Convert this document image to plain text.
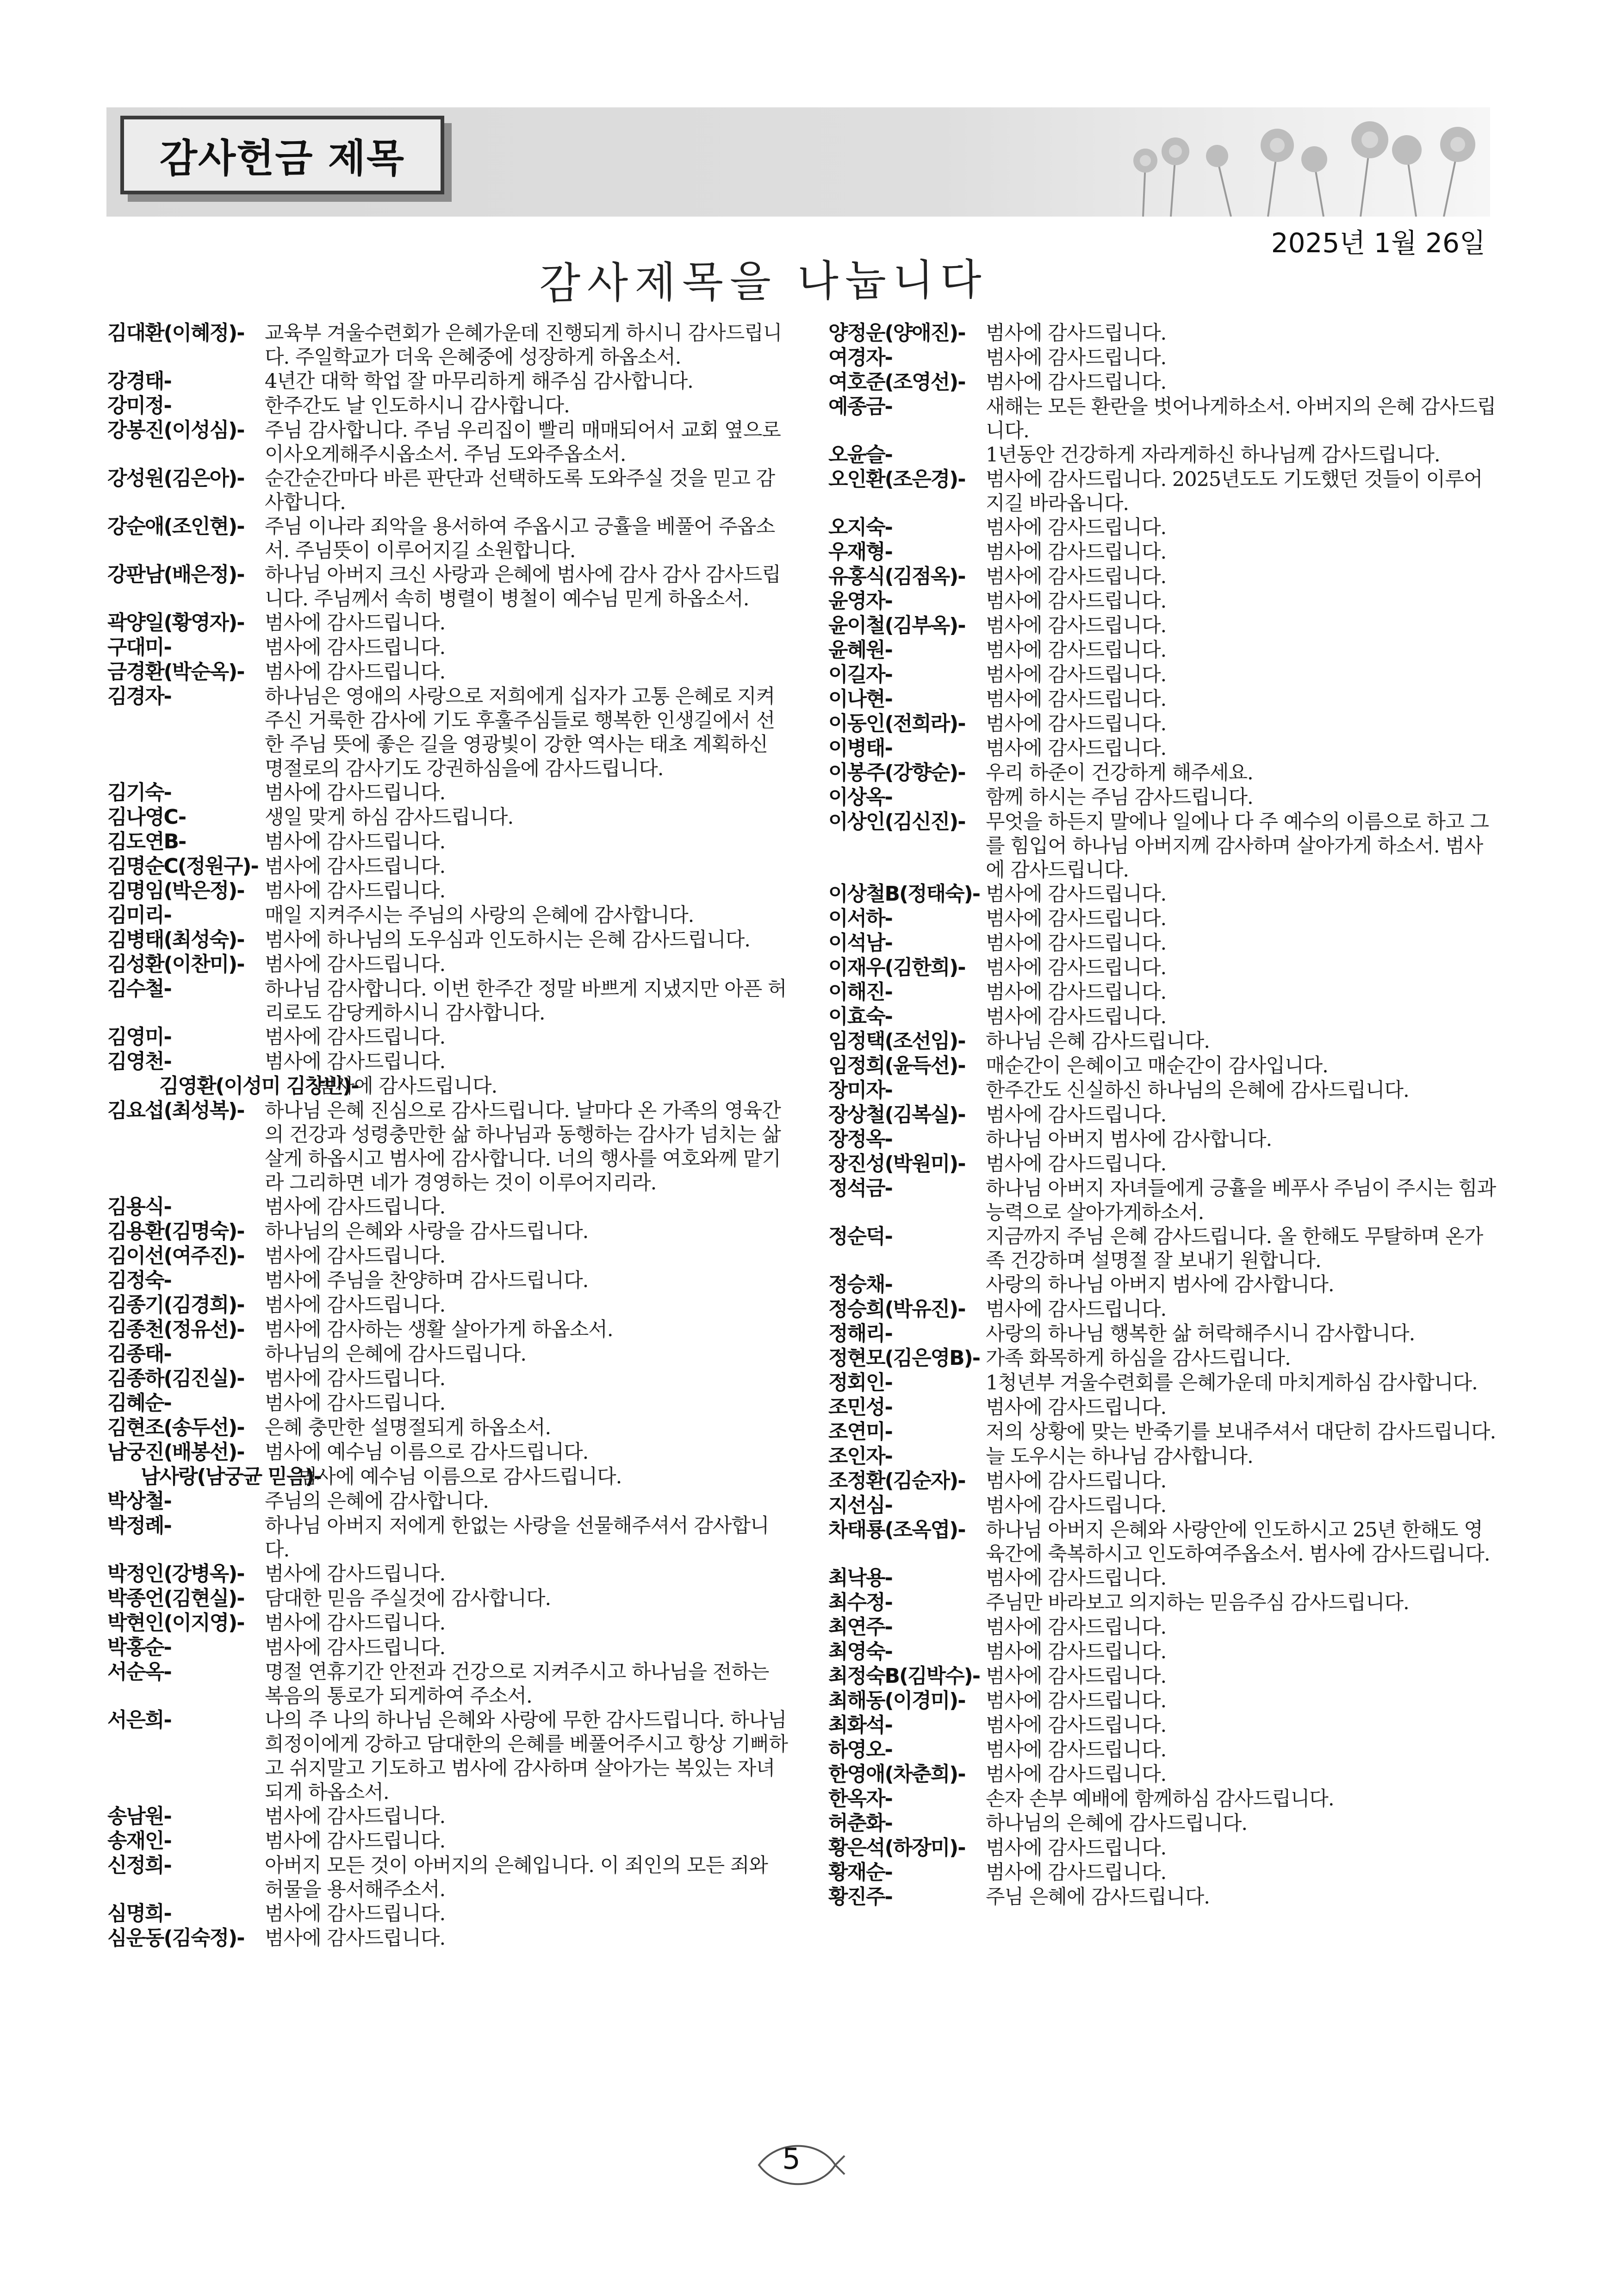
감사헌금 제목
2025년 1월 26일
감사제목을 나눕니다
김대환(이혜정)- 교육부 겨울수련회가 은혜가운데 진행되게 하시니 감사드립니다. 주일학교가 더욱 은혜중에 성장하게 하옵소서.
강경태-	4년간 대학 학업 잘 마무리하게 해주심 감사합니다.
강미정-	한주간도 날 인도하시니 감사합니다.
강봉진(이성심)- 주님 감사합니다. 주님 우리집이 빨리 매매되어서 교회 옆으로 이사오게해주시옵소서. 주님 도와주옵소서.
강성원(김은아)- 순간순간마다 바른 판단과 선택하도록 도와주실 것을 믿고 감사합니다.
강순애(조인현)- 주님 이나라 죄악을 용서하여 주옵시고 긍휼을 베풀어 주옵소서. 주님뜻이 이루어지길 소원합니다.
강판남(배은정)- 하나님 아버지 크신 사랑과 은혜에 범사에 감사 감사 감사드립니다. 주님께서 속히 병렬이 병철이 예수님 믿게 하옵소서.
곽양일(황영자)- 범사에 감사드립니다.
구대미-	범사에 감사드립니다.
금경환(박순옥)- 범사에 감사드립니다.
김경자-	하나님은 영애의 사랑으로 저희에게 십자가 고통 은혜로 지켜 주신 거룩한 감사에 기도 후훌주심들로 행복한 인생길에서 선한 주님 뜻에 좋은 길을 영광빛이 강한 역사는 태초 계획하신 명절로의 감사기도 강권하심을에 감사드립니다.
김기숙-	범사에 감사드립니다.
김나영C-	생일 맞게 하심 감사드립니다.
김도연B-	범사에 감사드립니다.
김명순C(정원구)- 범사에 감사드립니다.
김명임(박은정)- 범사에 감사드립니다.
김미리-	매일 지켜주시는 주님의 사랑의 은혜에 감사합니다.
김병태(최성숙)- 범사에 하나님의 도우심과 인도하시는 은혜 감사드립니다.
김성환(이찬미)- 범사에 감사드립니다.
김수철-	하나님 감사합니다. 이번 한주간 정말 바쁘게 지냈지만 아픈 허리로도 감당케하시니 감사합니다.
김영미-	범사에 감사드립니다.
김영천-	범사에 감사드립니다.
김영환(이성미 김창빈)-
범사에 감사드립니다.
김요섭(최성복)- 하나님 은혜 진심으로 감사드립니다. 날마다 온 가족의 영육간의 건강과 성령충만한 삶 하나님과 동행하는 감사가 넘치는 삶 살게 하옵시고 범사에 감사합니다. 너의 행사를 여호와께 맡기라 그리하면 네가 경영하는 것이 이루어지리라.
김용식-	범사에 감사드립니다.
김용환(김명숙)- 하나님의 은혜와 사랑을 감사드립니다.
김이선(여주진)- 범사에 감사드립니다.
김정숙-	범사에 주님을 찬양하며 감사드립니다.
김종기(김경희)- 범사에 감사드립니다.
김종천(정유선)- 범사에 감사하는 생활 살아가게 하옵소서.
김종태-	하나님의 은혜에 감사드립니다.
김종하(김진실)- 범사에 감사드립니다.
김혜순-	범사에 감사드립니다.
김현조(송두선)- 은혜 충만한 설명절되게 하옵소서.
남궁진(배봉선)- 범사에 예수님 이름으로 감사드립니다.
남사랑(남궁균 믿음)-
범사에 예수님 이름으로 감사드립니다.
박상철-	주님의 은혜에 감사합니다.
박정례-	하나님 아버지 저에게 한없는 사랑을 선물해주셔서 감사합니다.
박정인(강병옥)- 범사에 감사드립니다.
박종언(김현실)- 담대한 믿음 주실것에 감사합니다.
박현인(이지영)- 범사에 감사드립니다.
박홍순-	범사에 감사드립니다.
서순옥-	명절 연휴기간 안전과 건강으로 지켜주시고 하나님을 전하는 복음의 통로가 되게하여 주소서.
서은희-	나의 주 나의 하나님 은혜와 사랑에 무한 감사드립니다. 하나님 희정이에게 강하고 담대한의 은혜를 베풀어주시고 항상 기뻐하고 쉬지말고 기도하고 범사에 감사하며 살아가는 복있는 자녀되게 하옵소서.
송남원-	범사에 감사드립니다.
송재인-	범사에 감사드립니다.
신정희-	아버지 모든 것이 아버지의 은혜입니다. 이 죄인의 모든 죄와 허물을 용서해주소서.
심명희-	범사에 감사드립니다.
심운동(김숙정)- 범사에 감사드립니다.
양정운(양애진)- 범사에 감사드립니다.
여경자-	범사에 감사드립니다.
여호준(조영선)- 범사에 감사드립니다.
예종금-	새해는 모든 환란을 벗어나게하소서. 아버지의 은혜 감사드립니다.
오윤슬-	1년동안 건강하게 자라게하신 하나님께 감사드립니다.
오인환(조은경)- 범사에 감사드립니다. 2025년도도 기도했던 것들이 이루어지길 바라옵니다.
오지숙-	범사에 감사드립니다.
우재형-	범사에 감사드립니다.
유홍식(김점옥)- 범사에 감사드립니다.
윤영자-	범사에 감사드립니다.
윤이철(김부옥)- 범사에 감사드립니다.
윤혜원-	범사에 감사드립니다.
이길자-	범사에 감사드립니다.
이나현-	범사에 감사드립니다.
이동인(전희라)- 범사에 감사드립니다.
이병태-	범사에 감사드립니다.
이봉주(강향순)- 우리 하준이 건강하게 해주세요.
이상옥-	함께 하시는 주님 감사드립니다.
이상인(김신진)- 무엇을 하든지 말에나 일에나 다 주 예수의 이름으로 하고 그를 힘입어 하나님 아버지께 감사하며 살아가게 하소서. 범사에 감사드립니다.
이상철B(정태숙)- 범사에 감사드립니다.
이서하-	범사에 감사드립니다.
이석남-	범사에 감사드립니다.
이재우(김한희)- 범사에 감사드립니다.
이해진-	범사에 감사드립니다.
이효숙-	범사에 감사드립니다.
임정택(조선임)- 하나님 은혜 감사드립니다.
임정희(윤득선)- 매순간이 은혜이고 매순간이 감사입니다.
장미자-	한주간도 신실하신 하나님의 은혜에 감사드립니다.
장상철(김복실)- 범사에 감사드립니다.
장정옥-	하나님 아버지 범사에 감사합니다.
장진성(박원미)- 범사에 감사드립니다.
정석금-	하나님 아버지 자녀들에게 긍휼을 베푸사 주님이 주시는 힘과 능력으로 살아가게하소서.
정순덕-	지금까지 주님 은혜 감사드립니다. 올 한해도 무탈하며 온가족 건강하며 설명절 잘 보내기 원합니다.
정승채-	사랑의 하나님 아버지 범사에 감사합니다.
정승희(박유진)- 범사에 감사드립니다.
정해리-	사랑의 하나님 행복한 삶 허락해주시니 감사합니다.
정현모(김은영B)- 가족 화목하게 하심을 감사드립니다.
정회인-	1청년부 겨울수련회를 은혜가운데 마치게하심 감사합니다.
조민성-	범사에 감사드립니다.
조연미-	저의 상황에 맞는 반죽기를 보내주셔서 대단히 감사드립니다.
조인자-	늘 도우시는 하나님 감사합니다.
조정환(김순자)- 범사에 감사드립니다.
지선심-	범사에 감사드립니다.
차태룡(조옥엽)- 하나님 아버지 은혜와 사랑안에 인도하시고 25년 한해도 영육간에 축복하시고 인도하여주옵소서. 범사에 감사드립니다.
최낙용-	범사에 감사드립니다.
최수정-	주님만 바라보고 의지하는 믿음주심 감사드립니다.
최연주-	범사에 감사드립니다.
최영숙-	범사에 감사드립니다.
최정숙B(김박수)- 범사에 감사드립니다.
최해동(이경미)- 범사에 감사드립니다.
최화석-	범사에 감사드립니다.
하영오-	범사에 감사드립니다.
한영애(차춘희)- 범사에 감사드립니다.
한옥자-	손자 손부 예배에 함께하심 감사드립니다.
허춘화-	하나님의 은혜에 감사드립니다.
황은석(하장미)- 범사에 감사드립니다.
황재순-	범사에 감사드립니다.
황진주-	주님 은혜에 감사드립니다.
5
